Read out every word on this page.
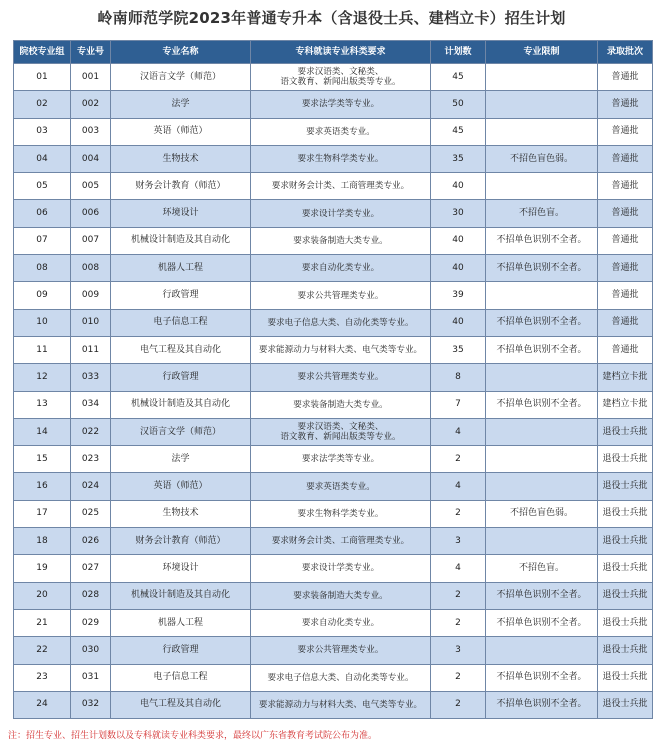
岭南师范学院2023年普通专升本（含退役士兵、建档立卡）招生计划
院校专业组	专业号	专业名称	专科就读专业科类要求	计划数	专业限制	录取批次
01	001	汉语言文学（师范）	要求汉语类、文秘类、
语文教育、新闻出版类等专业。	45		普通批
02	002	法学	要求法学类等专业。	50		普通批
03	003	英语（师范）	要求英语类专业。	45		普通批
04	004	生物技术	要求生物科学类专业。	35	不招色盲色弱。	普通批
05	005	财务会计教育（师范）	要求财务会计类、工商管理类专业。	40		普通批
06	006	环境设计	要求设计学类专业。	30	不招色盲。	普通批
07	007	机械设计制造及其自动化	要求装备制造大类专业。	40	不招单色识别不全者。	普通批
08	008	机器人工程	要求自动化类专业。	40	不招单色识别不全者。	普通批
09	009	行政管理	要求公共管理类专业。	39		普通批
10	010	电子信息工程	要求电子信息大类、自动化类等专业。	40	不招单色识别不全者。	普通批
11	011	电气工程及其自动化	要求能源动力与材料大类、电气类等专业。	35	不招单色识别不全者。	普通批
12	033	行政管理	要求公共管理类专业。	8		建档立卡批
13	034	机械设计制造及其自动化	要求装备制造大类专业。	7	不招单色识别不全者。	建档立卡批
14	022	汉语言文学（师范）	要求汉语类、文秘类、
语文教育、新闻出版类等专业。	4		退役士兵批
15	023	法学	要求法学类等专业。	2		退役士兵批
16	024	英语（师范）	要求英语类专业。	4		退役士兵批
17	025	生物技术	要求生物科学类专业。	2	不招色盲色弱。	退役士兵批
18	026	财务会计教育（师范）	要求财务会计类、工商管理类专业。	3		退役士兵批
19	027	环境设计	要求设计学类专业。	4	不招色盲。	退役士兵批
20	028	机械设计制造及其自动化	要求装备制造大类专业。	2	不招单色识别不全者。	退役士兵批
21	029	机器人工程	要求自动化类专业。	2	不招单色识别不全者。	退役士兵批
22	030	行政管理	要求公共管理类专业。	3		退役士兵批
23	031	电子信息工程	要求电子信息大类、自动化类等专业。	2	不招单色识别不全者。	退役士兵批
24	032	电气工程及其自动化	要求能源动力与材料大类、电气类等专业。	2	不招单色识别不全者。	退役士兵批
注：招生专业、招生计划数以及专科就读专业科类要求，最终以广东省教育考试院公布为准。
